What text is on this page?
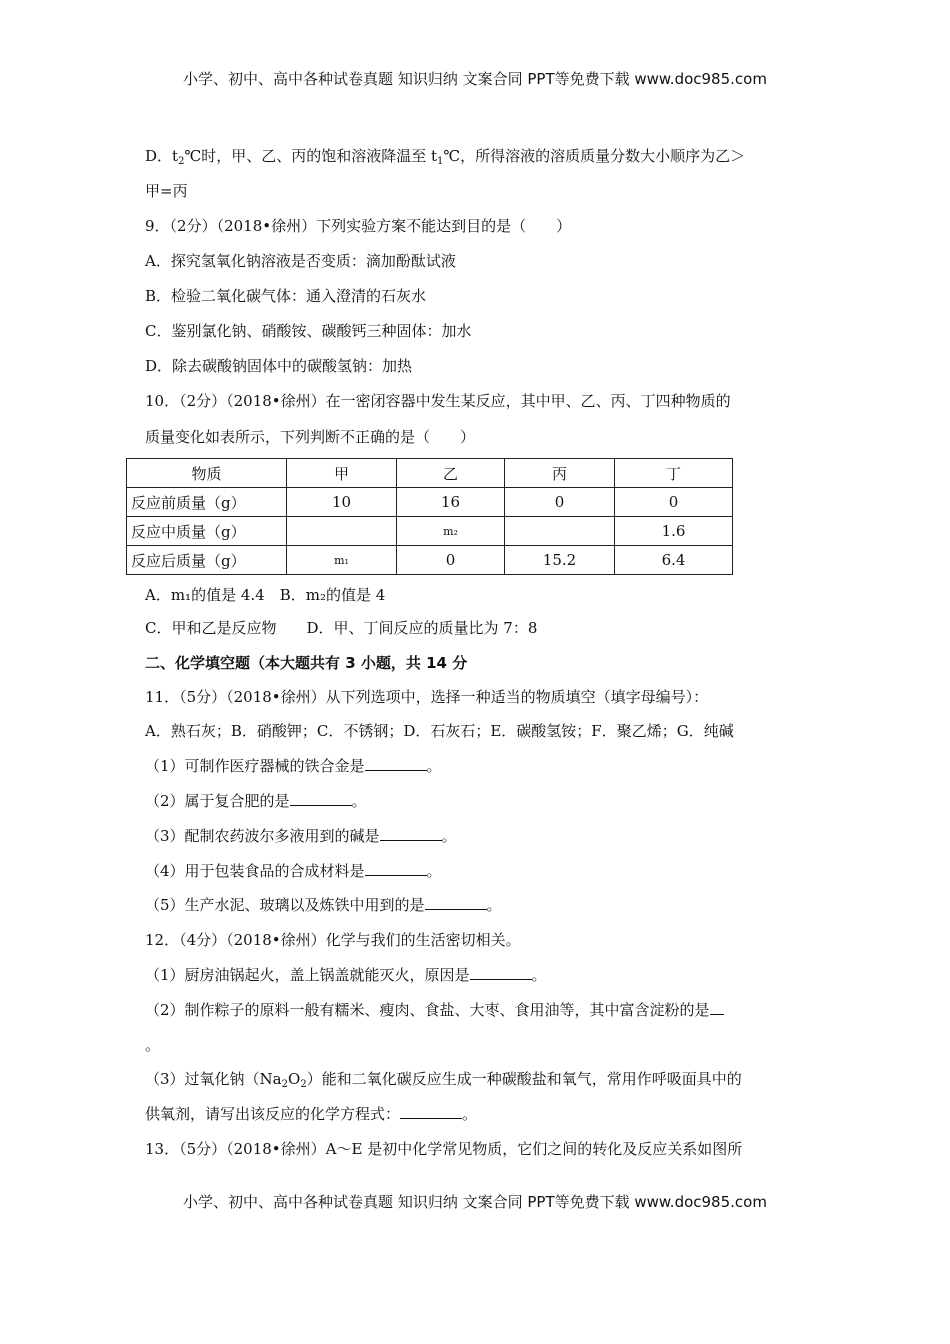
小学、初中、高中各种试卷真题 知识归纳 文案合同 PPT等免费下载 www.doc985.com
D．$t_2℃$时，甲、乙、丙的饱和溶液降温至 $t_1℃$，所得溶液的溶质质量分数大小顺序为乙＞
甲=丙
9．（2分）（2018•徐州）下列实验方案不能达到目的是（　　）
A．探究氢氧化钠溶液是否变质：滴加酚酞试液
B．检验二氧化碳气体：通入澄清的石灰水
C．鉴别氯化钠、硝酸铵、碳酸钙三种固体：加水
D．除去碳酸钠固体中的碳酸氢钠：加热
10．（2分）（2018•徐州）在一密闭容器中发生某反应，其中甲、乙、丙、丁四种物质的
质量变化如表所示，下列判断不正确的是（　　）
物质	甲	乙	丙	丁
反应前质量（g）	10	16	0	0
反应中质量（g）		m₂		1.6
反应后质量（g）	m₁	0	15.2	6.4
A．m₁的值是 4.4　 B．m₂的值是 4
C．甲和乙是反应物　　 D．甲、丁间反应的质量比为 7：8
二、化学填空题（本大题共有 3 小题，共 14 分
11．（5分）（2018•徐州）从下列选项中，选择一种适当的物质填空（填字母编号）：
A．熟石灰；B．硝酸钾；C．不锈钢；D．石灰石；E．碳酸氢铵；F．聚乙烯；G．纯碱
（1）可制作医疗器械的铁合金是	。
（2）属于复合肥的是	。
（3）配制农药波尔多液用到的碱是	。
（4）用于包装食品的合成材料是	。
（5）生产水泥、玻璃以及炼铁中用到的是	。
12．（4分）（2018•徐州）化学与我们的生活密切相关。
（1）厨房油锅起火，盖上锅盖就能灭火，原因是	。
（2）制作粽子的原料一般有糯米、瘦肉、食盐、大枣、食用油等，其中富含淀粉的是
。
（3）过氧化钠$(Na_2O_2)$能和二氧化碳反应生成一种碳酸盐和氧气，常用作呼吸面具中的
供氧剂，请写出该反应的化学方程式：	。
13．（5分）（2018•徐州）A～E 是初中化学常见物质，它们之间的转化及反应关系如图所
小学、初中、高中各种试卷真题 知识归纳 文案合同 PPT等免费下载 www.doc985.com
